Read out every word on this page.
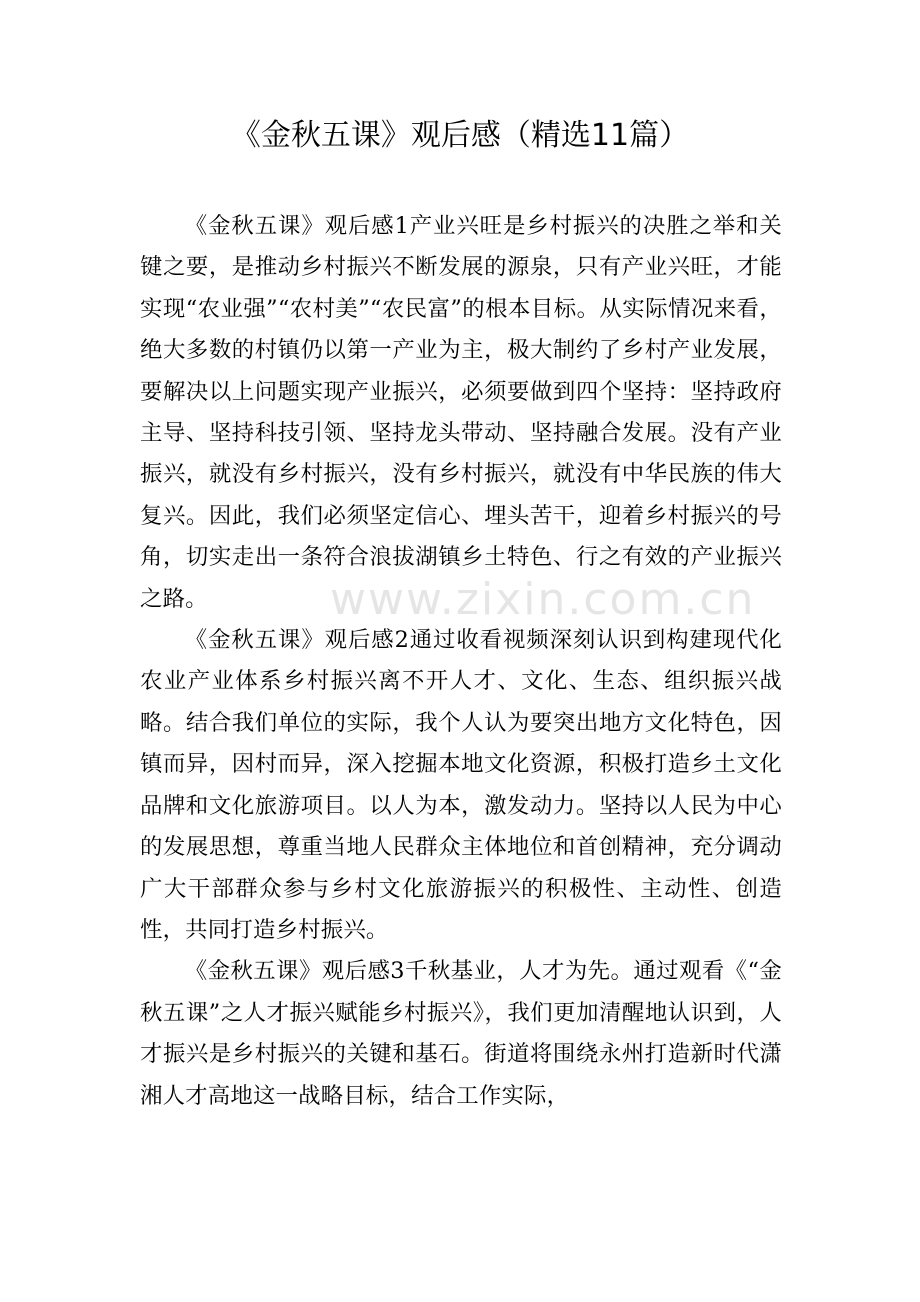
《金秋五课》观后感（精选11篇）

《金秋五课》观后感1产业兴旺是乡村振兴的决胜之举和关键之要，是推动乡村振兴不断发展的源泉，只有产业兴旺，才能实现“农业强”“农村美”“农民富”的根本目标。从实际情况来看，绝大多数的村镇仍以第一产业为主，极大制约了乡村产业发展，要解决以上问题实现产业振兴，必须要做到四个坚持：坚持政府主导、坚持科技引领、坚持龙头带动、坚持融合发展。没有产业振兴，就没有乡村振兴，没有乡村振兴，就没有中华民族的伟大复兴。因此，我们必须坚定信心、埋头苦干，迎着乡村振兴的号角，切实走出一条符合浪拔湖镇乡土特色、行之有效的产业振兴之路。

《金秋五课》观后感2通过收看视频深刻认识到构建现代化农业产业体系乡村振兴离不开人才、文化、生态、组织振兴战略。结合我们单位的实际，我个人认为要突出地方文化特色，因镇而异，因村而异，深入挖掘本地文化资源，积极打造乡土文化品牌和文化旅游项目。以人为本，激发动力。坚持以人民为中心的发展思想，尊重当地人民群众主体地位和首创精神，充分调动广大干部群众参与乡村文化旅游振兴的积极性、主动性、创造性，共同打造乡村振兴。

《金秋五课》观后感3千秋基业，人才为先。通过观看《“金秋五课”之人才振兴赋能乡村振兴》，我们更加清醒地认识到，人才振兴是乡村振兴的关键和基石。街道将围绕永州打造新时代潇湘人才高地这一战略目标，结合工作实际，

www.zixin.com.cn
